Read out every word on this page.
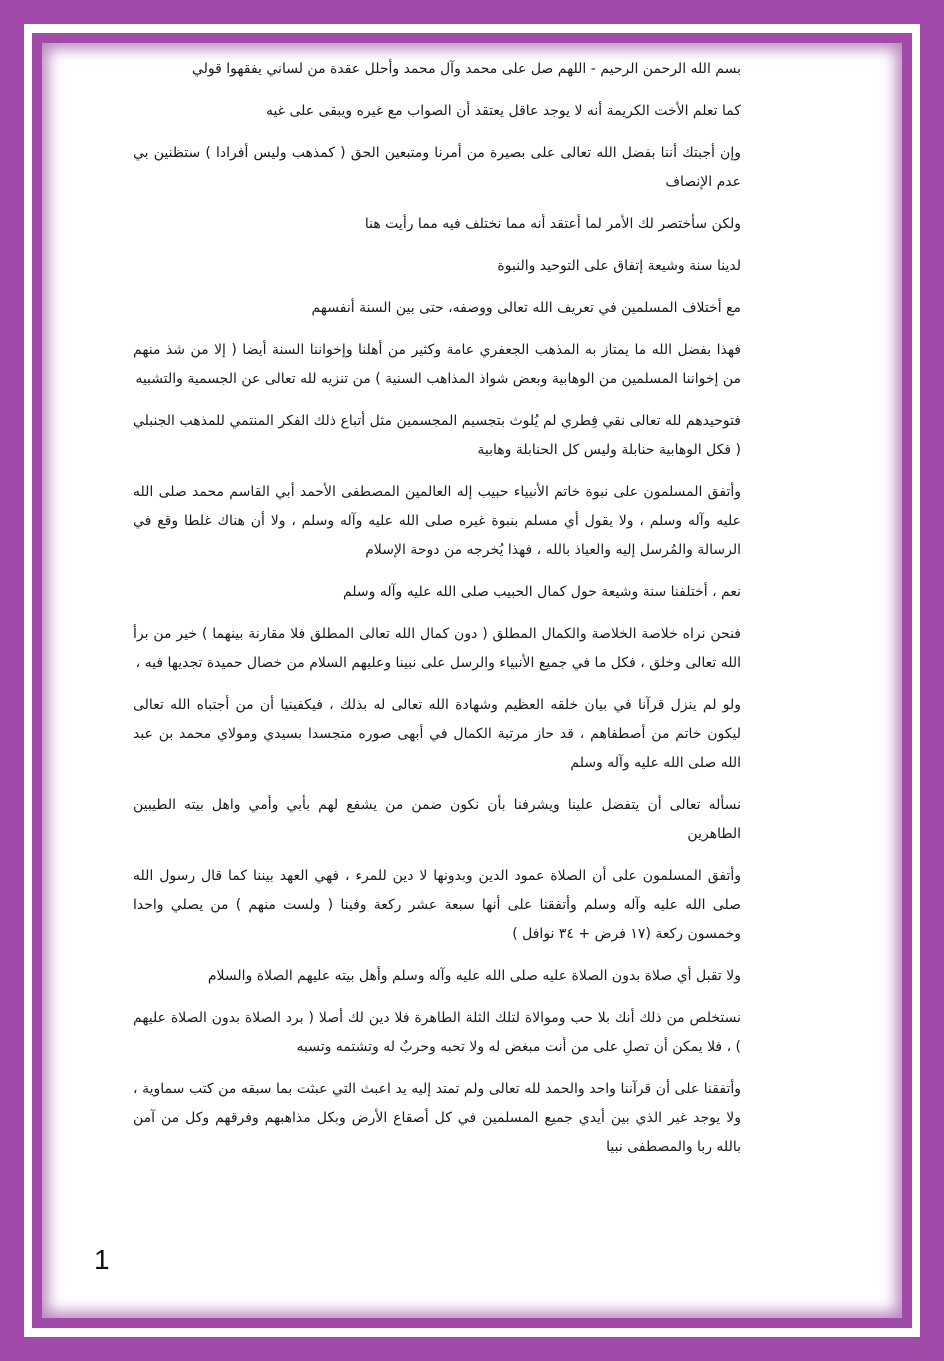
بسم الله الرحمن الرحيم - اللهم صل على محمد وآل محمد وأحلل عقدة من لساني يفقهوا قولي

كما تعلم الأخت الكريمة أنه لا يوجد عاقل يعتقد أن الصواب مع غيره ويبقى على غيه

وإن أجبتك أننا بفضل الله تعالى على بصيرة من أمرنا ومتبعين الحق ( كمذهب وليس أفرادا ) ستظنين بي عدم الإنصاف

ولكن سأختصر لك الأمر لما أعتقد أنه مما نختلف فيه مما رأيت هنا

لدينا سنة وشيعة إتفاق على التوحيد والنبوة

مع أختلاف المسلمين في تعريف الله تعالى ووصفه، حتى بين السنة أنفسهم

فهذا بفضل الله ما يمتاز به المذهب الجعفري عامة وكثير من أهلنا وإخواننا السنة أيضا ( إلا من شذ منهم من إخواننا المسلمين من الوهابية وبعض شواذ المذاهب السنية ) من تنزيه لله تعالى عن الجسمية والتشبيه

فتوحيدهم لله تعالى نقي فِطري لم يُلوث بتجسيم المجسمين مثل أتباع ذلك الفكر المنتمي للمذهب الجنبلي ( فكل الوهابية حنابلة وليس كل الحنابلة وهابية

وأتفق المسلمون على نبوة خاتم الأنبياء حبيب إله العالمين المصطفى الأحمد أبي القاسم محمد صلى الله عليه وآله وسلم ، ولا يقول أي مسلم بنبوة غيره صلى الله عليه وآله وسلم ، ولا أن هناك غلطا وقع في الرسالة والمُرسل إليه والعياذ بالله ، فهذا يُخرجه من دوحة الإسلام

نعم ، أختلفنا سنة وشيعة حول كمال الحبيب صلى الله عليه وآله وسلم

فنحن نراه خلاصة الخلاصة والكمال المطلق ( دون كمال الله تعالى المطلق فلا مقارنة بينهما ) خير من برأ الله تعالى وخلق ، فكل ما في جميع الأنبياء والرسل على نبينا وعليهم السلام من خصال حميدة تجديها فيه ،

ولو لم ينزل قرآنا في بيان خلقه العظيم وشهادة الله تعالى له بذلك ، فيكفينيا أن من أجتباه الله تعالى ليكون خاتم من أصطفاهم ، قد حاز مرتبة الكمال في أبهى صوره متجسدا بسيدي ومولاي محمد بن عبد الله صلى الله عليه وآله وسلم

نسأله تعالى أن يتفضل علينا ويشرفنا بأن نكون ضمن من يشفع لهم بأبي وأمي واهل بيته الطيبين الطاهرين

وأتفق المسلمون على أن الصلاة عمود الدين وبدونها لا دين للمرء ، فهي العهد بيننا كما قال رسول الله صلى الله عليه وآله وسلم وأتفقنا على أنها سبعة عشر ركعة وفينا ( ولست منهم ) من يصلي واحدا وخمسون ركعة (١٧ فرض + ٣٤ نوافل )

ولا تقبل أي صلاة بدون الصلاة عليه صلى الله عليه وآله وسلم وأهل بيته عليهم الصلاة والسلام

نستخلص من ذلك أنك بلا حب وموالاة لتلك الثلة الطاهرة فلا دين لك أصلا ( برد الصلاة بدون الصلاة عليهم ) ، فلا يمكن أن تصلِ على من أنت مبغض له ولا تحبه وحربٌ له وتشتمه وتسبه

وأتفقنا على أن قرآننا واحد والحمد لله تعالى ولم تمتد إليه يد اعبث التي عبثت بما سبقه من كتب سماوية ، ولا يوجد غير الذي بين أيدي جميع المسلمين في كل أصقاع الأرض وبكل مذاهبهم وفرقهم وكل من آمن بالله ربا والمصطفى نبيا

1
